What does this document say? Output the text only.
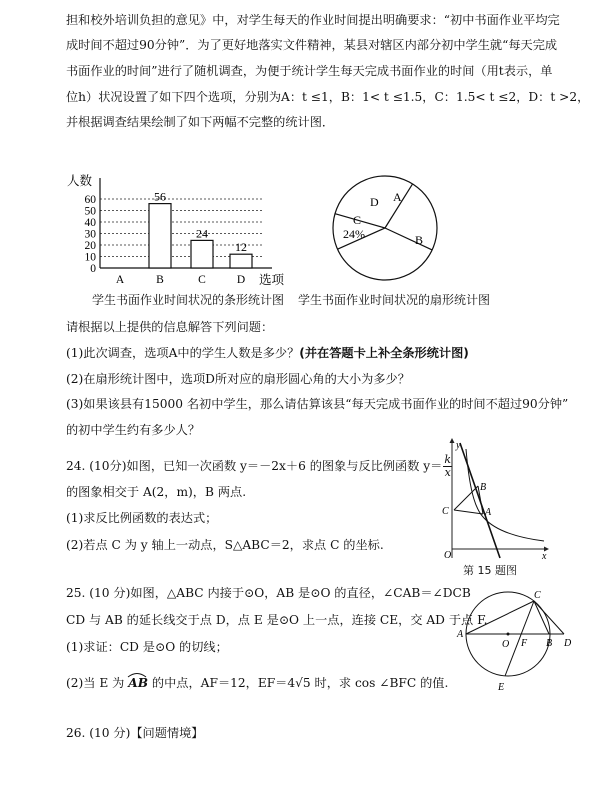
担和校外培训负担的意见》中，对学生每天的作业时间提出明确要求：“初中书面作业平均完
成时间不超过90分钟”．为了更好地落实文件精神，某县对辖区内部分初中学生就“每天完成
书面作业的时间”进行了随机调查，为便于统计学生每天完成书面作业的时间（用t表示，单
位h）状况设置了如下四个选项，分别为A：t ≤1，B：1< t ≤1.5，C：1.5< t ≤2，D：t >2，
并根据调查结果绘制了如下两幅不完整的统计图．
0
10
20
30
40
50
60
人数
选项
A	B
56
C
24
D
12
A
B
C
D
24%
学生书面作业时间状况的条形统计图 学生书面作业时间状况的扇形统计图
请根据以上提供的信息解答下列问题：
(1)此次调查，选项A中的学生人数是多少？(并在答题卡上补全条形统计图)
(2)在扇形统计图中，选项D所对应的扇形圆心角的大小为多少？
(3)如果该县有15000 名初中学生，那么请估算该县“每天完成书面作业的时间不超过90分钟”
的初中学生约有多少人？
24. (10分)如图，已知一次函数 y＝－2x＋6 的图象与反比例函数 $y= \frac{k}{x}$
的图象相交于 A(2，m)，B 两点.
(1)求反比例函数的表达式；
(2)若点 C 为 y 轴上一动点，S△ABC＝2，求点 C 的坐标.
y
x
O
B
A
C
第 15 题图
25. (10 分)如图，△ABC 内接于⊙O，AB 是⊙O 的直径，∠CAB＝∠DCB
CD 与 AB 的延长线交于点 D，点 E 是⊙O 上一点，连接 CE，交 AD 于点 F.
(1)求证：CD 是⊙O 的切线；
(2)当 E 为 AB 的中点，AF＝12，EF＝4√5 时，求 cos ∠BFC 的值.
A
C
B D
F
O
E
26. (10 分)【问题情境】
